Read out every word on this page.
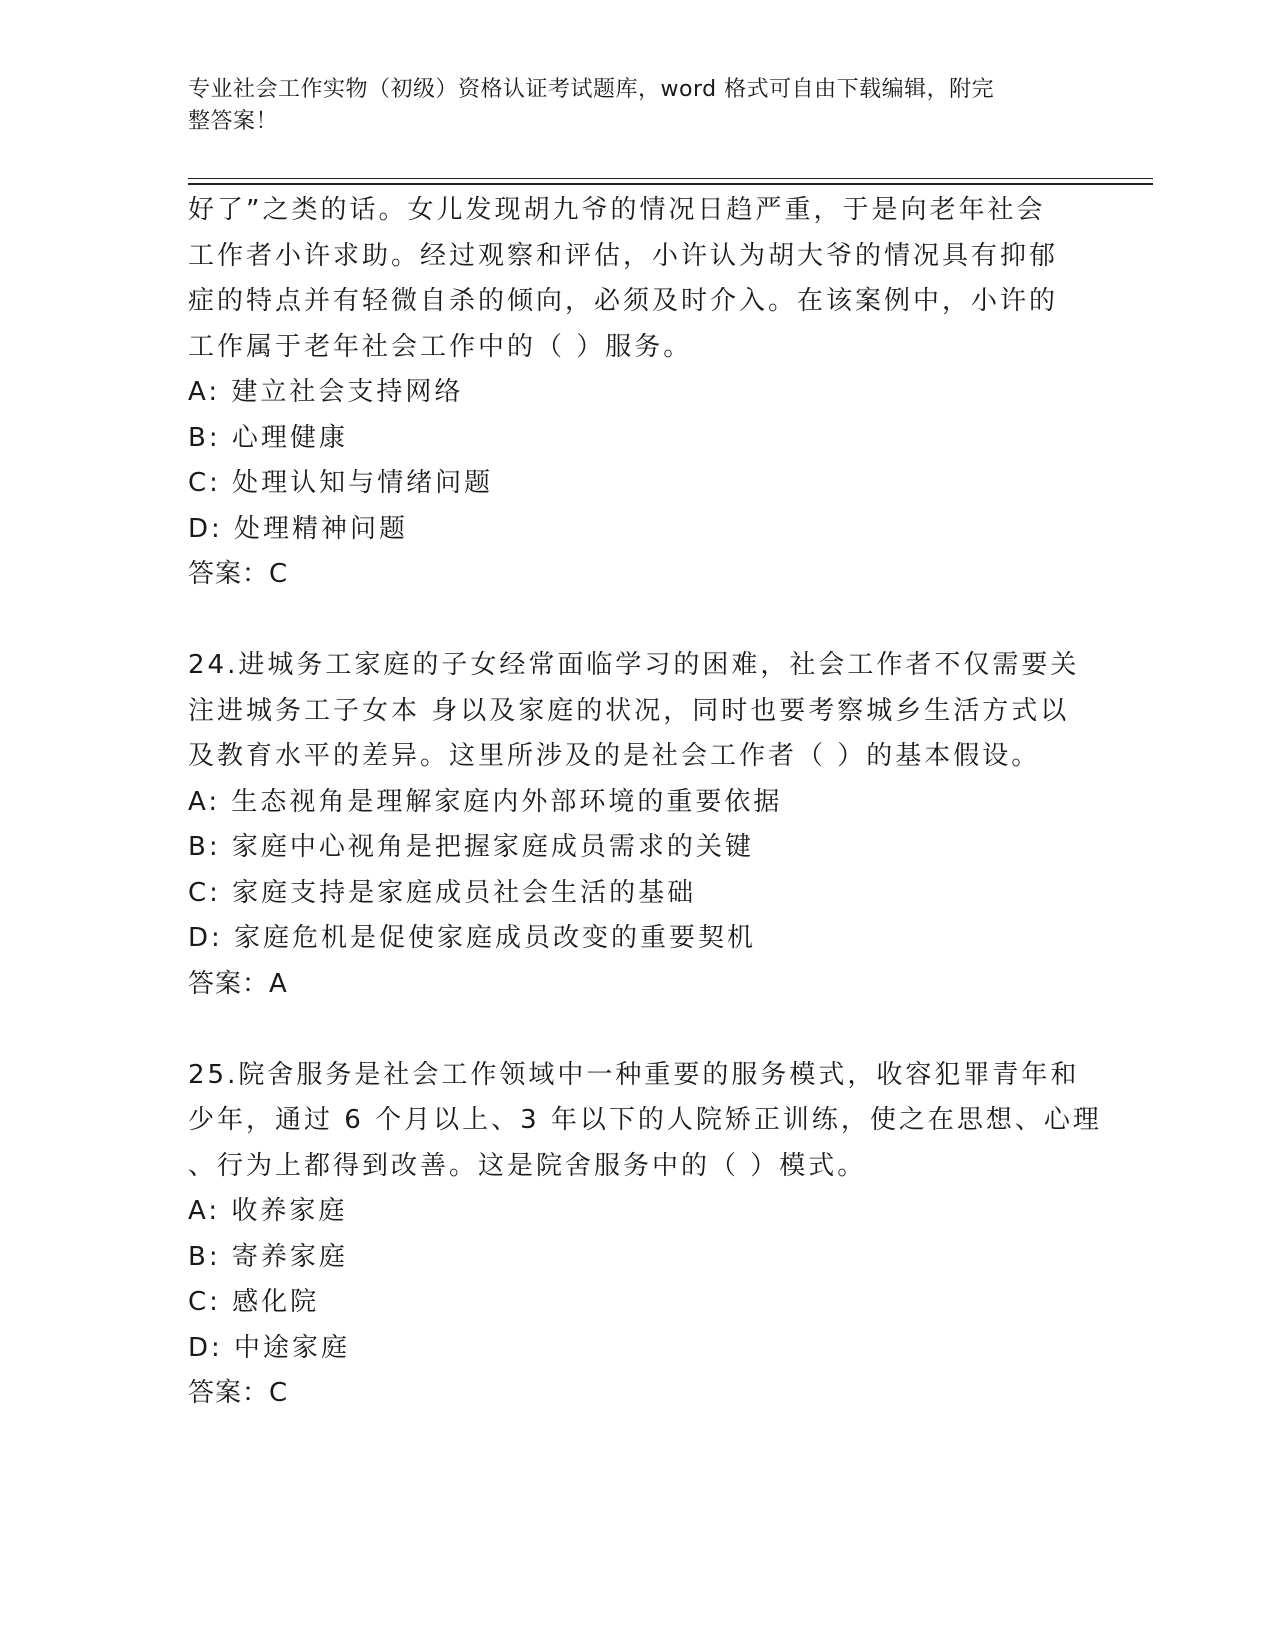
专业社会工作实物（初级）资格认证考试题库，word 格式可自由下载编辑，附完
整答案！
好了”之类的话。女儿发现胡九爷的情况日趋严重，于是向老年社会
工作者小许求助。经过观察和评估，小许认为胡大爷的情况具有抑郁
症的特点并有轻微自杀的倾向，必须及时介入。在该案例中，小许的
工作属于老年社会工作中的（ ）服务。
A: 建立社会支持网络
B: 心理健康
C: 处理认知与情绪问题
D: 处理精神问题
答案：C
24.进城务工家庭的子女经常面临学习的困难，社会工作者不仅需要关
注进城务工子女本 身以及家庭的状况，同时也要考察城乡生活方式以
及教育水平的差异。这里所涉及的是社会工作者（ ）的基本假设。
A: 生态视角是理解家庭内外部环境的重要依据
B: 家庭中心视角是把握家庭成员需求的关键
C: 家庭支持是家庭成员社会生活的基础
D: 家庭危机是促使家庭成员改变的重要契机
答案：A
25.院舍服务是社会工作领域中一种重要的服务模式，收容犯罪青年和
少年，通过 6 个月以上、3 年以下的人院矫正训练，使之在思想、心理
、行为上都得到改善。这是院舍服务中的（ ）模式。
A: 收养家庭
B: 寄养家庭
C: 感化院
D: 中途家庭
答案：C
